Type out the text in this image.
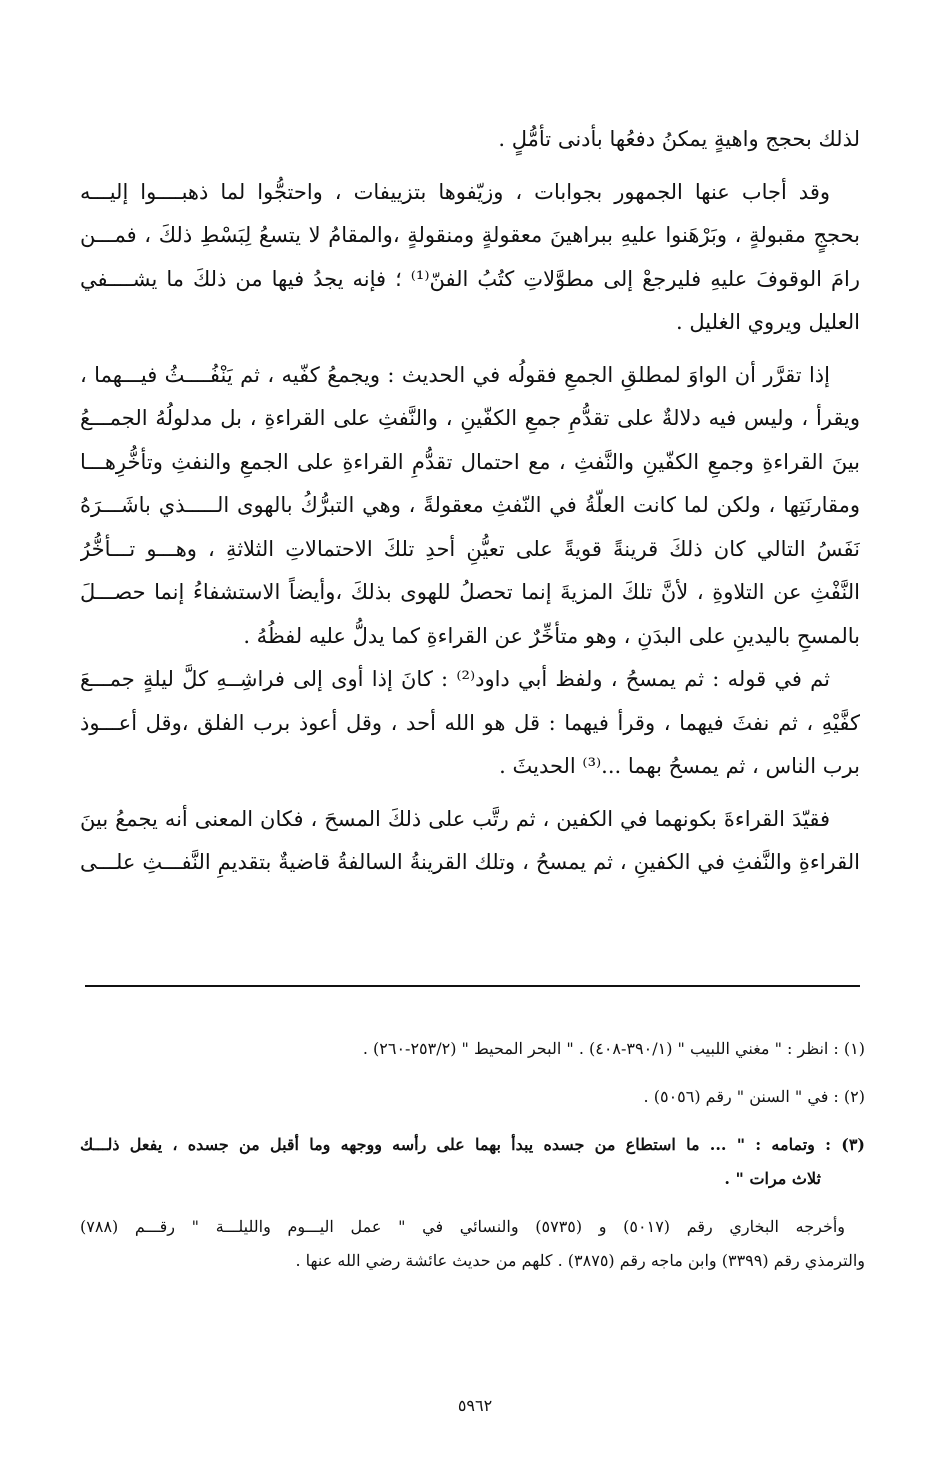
لذلك بحجج واهيةٍ يمكنُ دفعُها بأدنى تأمُّلٍ .
وقد أجاب عنها الجمهور بجوابات ، وزيّفوها بتزييفات ، واحتجُّوا لما ذهبــــوا إليـــه
بحججٍ مقبولةٍ ، وبَرْهَنوا عليهِ ببراهينَ معقولةٍ ومنقولةٍ ،والمقامُ لا يتسعُ لِبَسْطِ ذلكَ ، فمـــن
رامَ الوقوفَ عليهِ فليرجعْ إلى مطوَّلاتِ كتُبُ الفنّ⁽¹⁾ ؛ فإنه يجدُ فيها من ذلكَ ما يشــــفي
العليل ويروي الغليل .
إذا تقرَّر أن الواوَ لمطلقِ الجمعِ فقولُه في الحديث : ويجمعُ كفّيه ، ثم يَنْفُــــثُ فيـــهما ،
ويقرأ ، وليس فيه دلالةٌ على تقدُّمِ جمعِ الكفّينِ ، والنَّفثِ على القراءةِ ، بل مدلولُهُ الجمـــعُ
بينَ القراءةِ وجمعِ الكفّينِ والنَّفثِ ، مع احتمال تقدُّمِ القراءةِ على الجمعِ والنفثِ وتأخُّرِهـــا
ومقارنَتِها ، ولكن لما كانت العلّةُ في النّفثِ معقولةً ، وهي التبرُّكُ بالهوى الـــــذي باشَـــرَهُ
نَفَسُ التالي كان ذلكَ قرينةً قويةً على تعيُّنِ أحدِ تلكَ الاحتمالاتِ الثلاثةِ ، وهـــو تـــأخُّرُ
النَّفْثِ عن التلاوةِ ، لأنَّ تلكَ المزيةَ إنما تحصلُ للهوى بذلكَ ،وأيضاً الاستشفاءُ إنما حصـــلَ
بالمسحِ باليدينِ على البدَنِ ، وهو متأخِّرٌ عن القراءةِ كما يدلُّ عليه لفظُهُ .
ثم في قوله : ثم يمسحُ ، ولفظ أبي داود⁽²⁾ : كانَ إذا أوى إلى فراشِــهِ كلَّ ليلةٍ جمـــعَ
كفَّيْهِ ، ثم نفثَ فيهما ، وقرأ فيهما : قل هو الله أحد ، وقل أعوذ برب الفلق ،وقل أعـــوذ
برب الناس ، ثم يمسحُ بهما ...⁽³⁾ الحديثَ .
فقيّدَ القراءةَ بكونهما في الكفين ، ثم رتَّب على ذلكَ المسحَ ، فكان المعنى أنه يجمعُ بينَ
القراءةِ والنَّفثِ في الكفينِ ، ثم يمسحُ ، وتلك القرينةُ السالفةُ قاضيةٌ بتقديمِ النَّفـــثِ علـــى
(١) : انظر : " مغني اللبيب " (٣٩٠/١-٤٠٨) . " البحر المحيط " (٢٥٣/٢-٢٦٠) .
(٢) : في " السنن " رقم (٥٠٥٦) .
(٣) : وتمامه : " ... ما استطاع من جسده يبدأ بهما على رأسه ووجهه وما أقبل من جسده ، يفعل ذلـــك
ثلاث مرات " .
وأخرجه البخاري رقم (٥٠١٧) و (٥٧٣٥) والنسائي في " عمل اليـــوم والليلـــة " رقـــم (٧٨٨)
والترمذي رقم (٣٣٩٩) وابن ماجه رقم (٣٨٧٥) . كلهم من حديث عائشة رضي الله عنها .
٥٩٦٢
